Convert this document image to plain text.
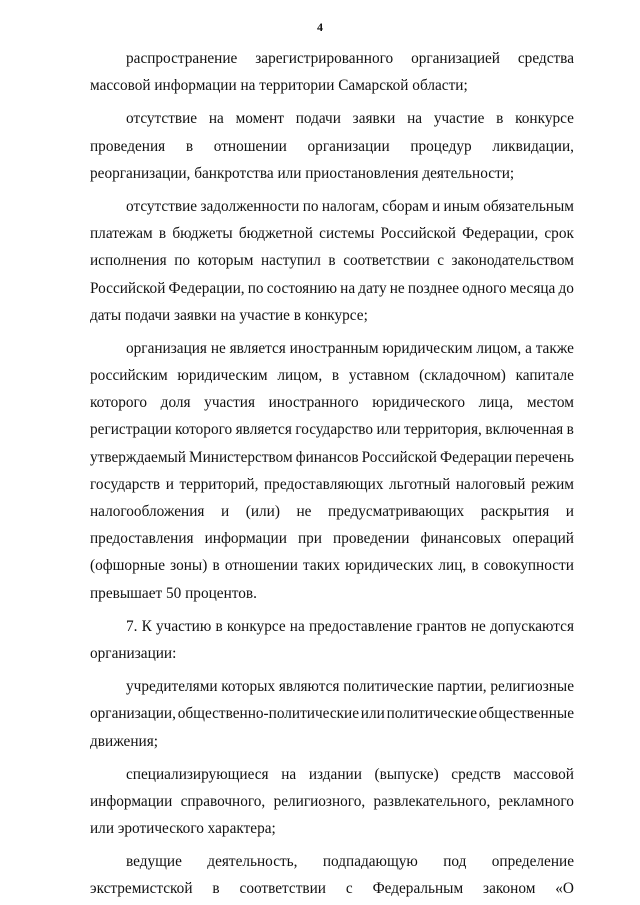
4
распространение зарегистрированного организацией средства
массовой информации на территории Самарской области;
отсутствие на момент подачи заявки на участие в конкурсе
проведения в отношении организации процедур ликвидации,
реорганизации, банкротства или приостановления деятельности;
отсутствие задолженности по налогам, сборам и иным обязательным
платежам в бюджеты бюджетной системы Российской Федерации, срок
исполнения по которым наступил в соответствии с законодательством
Российской Федерации, по состоянию на дату не позднее одного месяца до
даты подачи заявки на участие в конкурсе;
организация не является иностранным юридическим лицом, а также
российским юридическим лицом, в уставном (складочном) капитале
которого доля участия иностранного юридического лица, местом
регистрации которого является государство или территория, включенная в
утверждаемый Министерством финансов Российской Федерации перечень
государств и территорий, предоставляющих льготный налоговый режим
налогообложения и (или) не предусматривающих раскрытия и
предоставления информации при проведении финансовых операций
(офшорные зоны) в отношении таких юридических лиц, в совокупности
превышает 50 процентов.
7. К участию в конкурсе на предоставление грантов не допускаются
организации:
учредителями которых являются политические партии, религиозные
организации, общественно-политические или политические общественные
движения;
специализирующиеся на издании (выпуске) средств массовой
информации справочного, религиозного, развлекательного, рекламного
или эротического характера;
ведущие деятельность, подпадающую под определение
экстремистской в соответствии с Федеральным законом «О
